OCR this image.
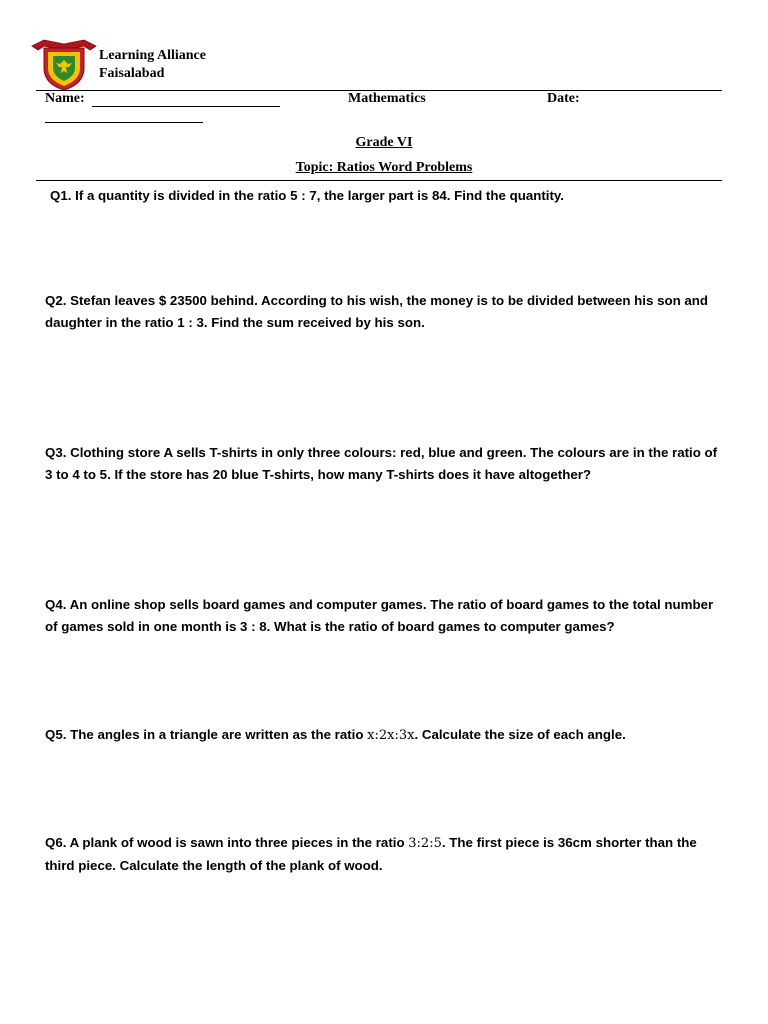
Learning Alliance
Faisalabad
Name:	Mathematics	Date:
Grade VI
Topic: Ratios Word Problems
Q1. If a quantity is divided in the ratio 5 : 7, the larger part is 84. Find the quantity.
Q2. Stefan leaves $ 23500 behind. According to his wish, the money is to be divided between his son and daughter in the ratio 1 : 3. Find the sum received by his son.
Q3. Clothing store A sells T-shirts in only three colours: red, blue and green. The colours are in the ratio of 3 to 4 to 5. If the store has 20 blue T-shirts, how many T-shirts does it have altogether?
Q4. An online shop sells board games and computer games. The ratio of board games to the total number of games sold in one month is 3 : 8. What is the ratio of board games to computer games?
Q5. The angles in a triangle are written as the ratio x:2x:3x. Calculate the size of each angle.
Q6. A plank of wood is sawn into three pieces in the ratio 3:2:5. The first piece is 36cm shorter than the third piece. Calculate the length of the plank of wood.
